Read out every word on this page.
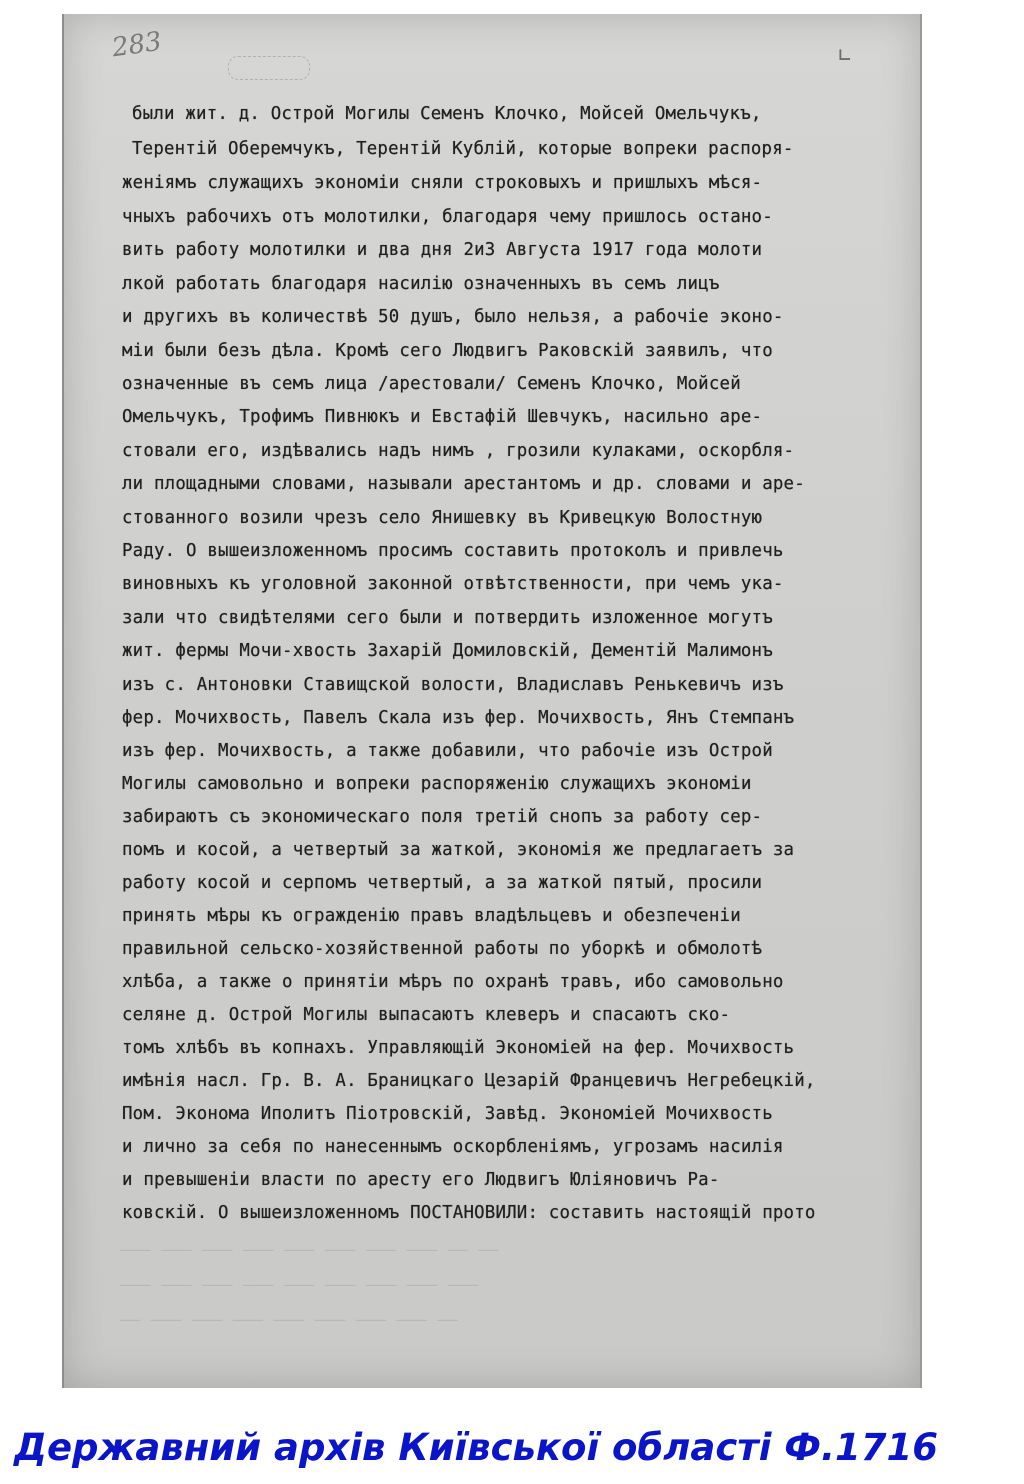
283	∟
были жит. д. Острой Могилы Семенъ Клочко, Мойсей Омельчукъ,
Терентій Оберемчукъ, Терентій Кублій, которые вопреки распоря-
женіямъ служащихъ экономіи сняли строковыхъ и пришлыхъ мѣся-
чныхъ рабочихъ отъ молотилки, благодаря чему пришлось остано-
вить работу молотилки и два дня 2и3 Августа 1917 года молоти
лкой работать благодаря насилію означенныхъ въ семъ лицъ
и другихъ въ количествѣ 50 душъ, было нельзя, а рабочіе эконо-
міи были безъ дѣла. Кромѣ сего Людвигъ Раковскій заявилъ, что
означенные въ семъ лица /арестовали/ Семенъ Клочко, Мойсей
Омельчукъ, Трофимъ Пивнюкъ и Евстафій Шевчукъ, насильно аре-
стовали его, издѣвались надъ нимъ , грозили кулаками, оскорбля-
ли площадными словами, называли арестантомъ и др. словами и аре-
стованного возили чрезъ село Янишевку въ Кривецкую Волостную
Раду. О вышеизложенномъ просимъ составить протоколъ и привлечь
виновныхъ къ уголовной законной отвѣтственности, при чемъ ука-
зали что свидѣтелями сего были и потвердить изложенное могутъ
жит. фермы Мочи-хвость Захарій Домиловскій, Дементій Малимонъ
изъ с. Антоновки Ставищской волости, Владиславъ Ренькевичъ изъ
фер. Мочихвость, Павелъ Скала изъ фер. Мочихвость, Янъ Стемпанъ
изъ фер. Мочихвость, а также добавили, что рабочіе изъ Острой
Могилы самовольно и вопреки распоряженію служащихъ экономіи
забираютъ съ экономическаго поля третій снопъ за работу сер-
помъ и косой, а четвертый за жаткой, экономія же предлагаетъ за
работу косой и серпомъ четвертый, а за жаткой пятый, просили
принять мѣры къ огражденію правъ владѣльцевъ и обезпеченіи
правильной сельско-хозяйственной работы по уборкѣ и обмолотѣ
хлѣба, а также о принятіи мѣръ по охранѣ травъ, ибо самовольно
селяне д. Острой Могилы выпасаютъ клеверъ и спасаютъ ско-
томъ хлѣбъ въ копнахъ. Управляющій Экономіей на фер. Мочихвость
имѣнія насл. Гр. В. А. Браницкаго Цезарій Францевичъ Негребецкій,
Пом. Эконома Иполитъ Піотровскій, Завѣд. Экономіей Мочихвость
и лично за себя по нанесеннымъ оскорбленіямъ, угрозамъ насилія
и превышеніи власти по аресту его Людвигъ Юліяновичъ Ра-
ковскій. О вышеизложенномъ ПОСТАНОВИЛИ: составить настоящій прото
—— —— ——— ——— ——— ——— ——— ——— ——— ———
——— ——— ——— ——— ——— ——— ——— ——— ———
—— ——— ——— ——— ——— ——— ——— ——— ——
Державний архів Київської області Ф.1716
